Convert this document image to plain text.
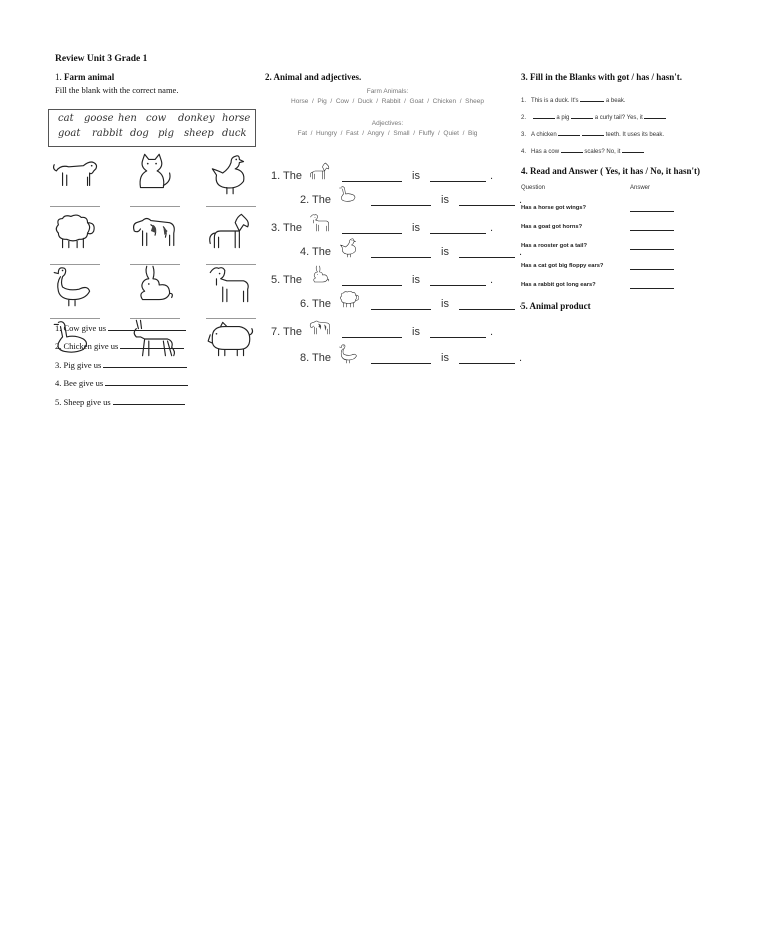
Review Unit 3 Grade 1
1. Farm animal
Fill the blank with the correct name.
cat goose hen cow donkey horse
goat rabbit dog pig sheep duck
1. Cow give us
2. Chicken give us
3. Pig give us
4. Bee give us
5. Sheep give us
2. Animal and adjectives.
Farm Animals:
Horse  /  Pig  /  Cow  /  Duck  /  Rabbit  /  Goat  /  Chicken  /  Sheep
Adjectives:
Fat  /  Hungry  /  Fast  /  Angry  /  Small  /  Fluffy  /  Quiet  /  Big
1. The	is	.
2. The	is	.
3. The	is	.
4. The	is	.
5. The	is	.
6. The	is	.
7. The	is	.
8. The	is	.
3. Fill in the Blanks with got / has / hasn't.
1. This is a duck. It's	a beak.
2.	a pig	a curly tail? Yes, it
3. A chicken	teeth. It uses its beak.
4. Has a cow	scales? No, it
4. Read and Answer ( Yes, it has / No, it hasn't)
Question	Answer
Has a horse got wings?
Has a goat got horns?
Has a rooster got a tail?
Has a cat got big floppy ears?
Has a rabbit got long ears?
5. Animal product
